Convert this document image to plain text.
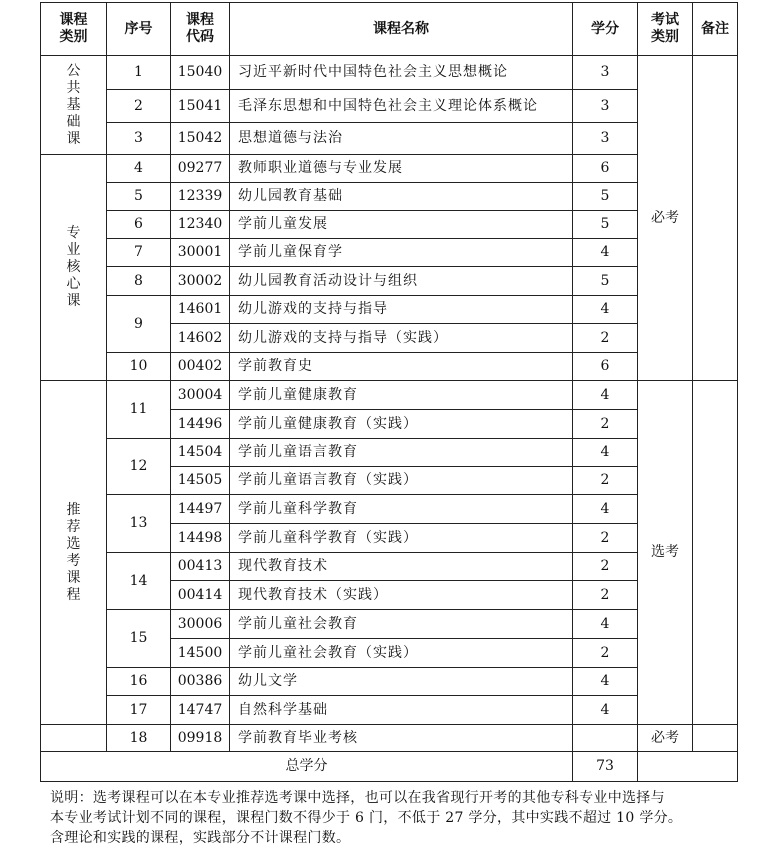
课程类别	序号	课程代码	课程名称	学分	考试类别	备注
公共基础课	1	15040	习近平新时代中国特色社会主义思想概论	3	必考	
	2	15041	毛泽东思想和中国特色社会主义理论体系概论	3		
	3	15042	思想道德与法治	3		
专业核心课	4	09277	教师职业道德与专业发展	6		
	5	12339	幼儿园教育基础	5		
	6	12340	学前儿童发展	5		
	7	30001	学前儿童保育学	4		
	8	30002	幼儿园教育活动设计与组织	5		
	9	14601	幼儿游戏的支持与指导	4		
		14602	幼儿游戏的支持与指导（实践）	2		
	10	00402	学前教育史	6		
推荐选考课程	11	30004	学前儿童健康教育	4	选考	
		14496	学前儿童健康教育（实践）	2		
	12	14504	学前儿童语言教育	4		
		14505	学前儿童语言教育（实践）	2		
	13	14497	学前儿童科学教育	4		
		14498	学前儿童科学教育（实践）	2		
	14	00413	现代教育技术	2		
		00414	现代教育技术（实践）	2		
	15	30006	学前儿童社会教育	4		
		14500	学前儿童社会教育（实践）	2		
	16	00386	幼儿文学	4		
	17	14747	自然科学基础	4		
	18	09918	学前教育毕业考核		必考	
总学分				73		
说明：选考课程可以在本专业推荐选考课中选择，也可以在我省现行开考的其他专科专业中选择与
本专业考试计划不同的课程，课程门数不得少于 6 门，不低于 27 学分，其中实践不超过 10 学分。
含理论和实践的课程，实践部分不计课程门数。
